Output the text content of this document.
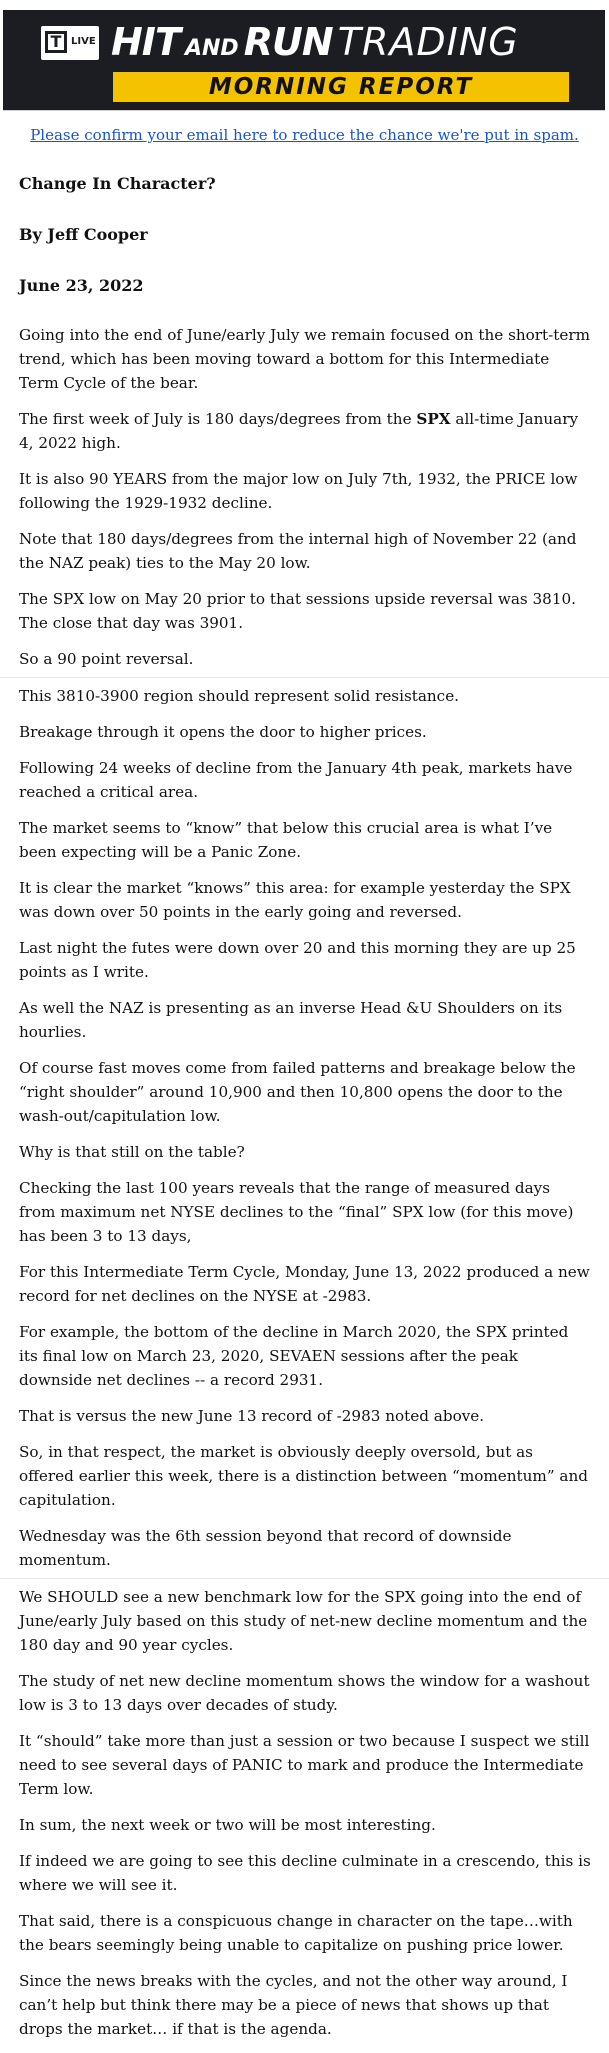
T LIVE HIT AND RUN TRADING
MORNING REPORT
Please confirm your email here to reduce the chance we're put in spam.
Change In Character?
By Jeff Cooper
June 23, 2022
Going into the end of June/early July we remain focused on the short-term trend, which has been moving toward a bottom for this Intermediate Term Cycle of the bear.
The first week of July is 180 days/degrees from the SPX all-time January 4, 2022 high.
It is also 90 YEARS from the major low on July 7th, 1932, the PRICE low following the 1929-1932 decline.
Note that 180 days/degrees from the internal high of November 22 (and the NAZ peak) ties to the May 20 low.
The SPX low on May 20 prior to that sessions upside reversal was 3810. The close that day was 3901.
So a 90 point reversal.
This 3810-3900 region should represent solid resistance.
Breakage through it opens the door to higher prices.
Following 24 weeks of decline from the January 4th peak, markets have reached a critical area.
The market seems to “know” that below this crucial area is what I’ve been expecting will be a Panic Zone.
It is clear the market “knows” this area: for example yesterday the SPX was down over 50 points in the early going and reversed.
Last night the futes were down over 20 and this morning they are up 25 points as I write.
As well the NAZ is presenting as an inverse Head &U Shoulders on its hourlies.
Of course fast moves come from failed patterns and breakage below the “right shoulder” around 10,900 and then 10,800 opens the door to the wash-out/capitulation low.
Why is that still on the table?
Checking the last 100 years reveals that the range of measured days from maximum net NYSE declines to the “final” SPX low (for this move) has been 3 to 13 days,
For this Intermediate Term Cycle, Monday, June 13, 2022 produced a new record for net declines on the NYSE at -2983.
For example, the bottom of the decline in March 2020, the SPX printed its final low on March 23, 2020, SEVAEN sessions after the peak downside net declines -- a record 2931.
That is versus the new June 13 record of -2983 noted above.
So, in that respect, the market is obviously deeply oversold, but as offered earlier this week, there is a distinction between “momentum” and capitulation.
Wednesday was the 6th session beyond that record of downside momentum.
We SHOULD see a new benchmark low for the SPX going into the end of June/early July based on this study of net-new decline momentum and the 180 day and 90 year cycles.
The study of net new decline momentum shows the window for a washout low is 3 to 13 days over decades of study.
It “should” take more than just a session or two because I suspect we still need to see several days of PANIC to mark and produce the Intermediate Term low.
In sum, the next week or two will be most interesting.
If indeed we are going to see this decline culminate in a crescendo, this is where we will see it.
That said, there is a conspicuous change in character on the tape…with the bears seemingly being unable to capitalize on pushing price lower.
Since the news breaks with the cycles, and not the other way around, I can’t help but think there may be a piece of news that shows up that drops the market… if that is the agenda.
